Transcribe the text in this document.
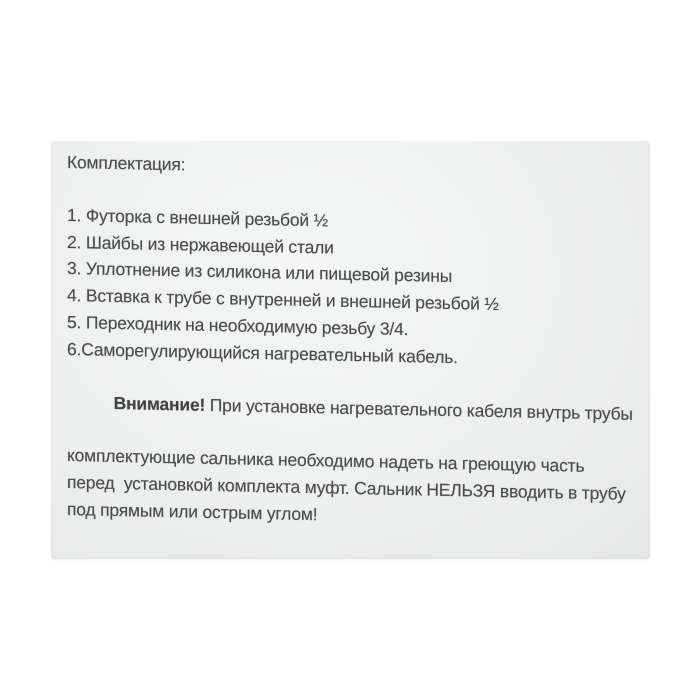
Комплектация:
1. Футорка с внешней резьбой ½
2. Шайбы из нержавеющей стали
3. Уплотнение из силикона или пищевой резины
4. Вставка к трубе с внутренней и внешней резьбой ½
5. Переходник на необходимую резьбу 3/4.
6.Саморегулирующийся нагревательный кабель.

Внимание! При установке нагревательного кабеля внутрь трубы

комплектующие сальника необходимо надеть на греющую часть
перед  установкой комплекта муфт. Сальник НЕЛЬЗЯ вводить в трубу
под прямым или острым углом!
